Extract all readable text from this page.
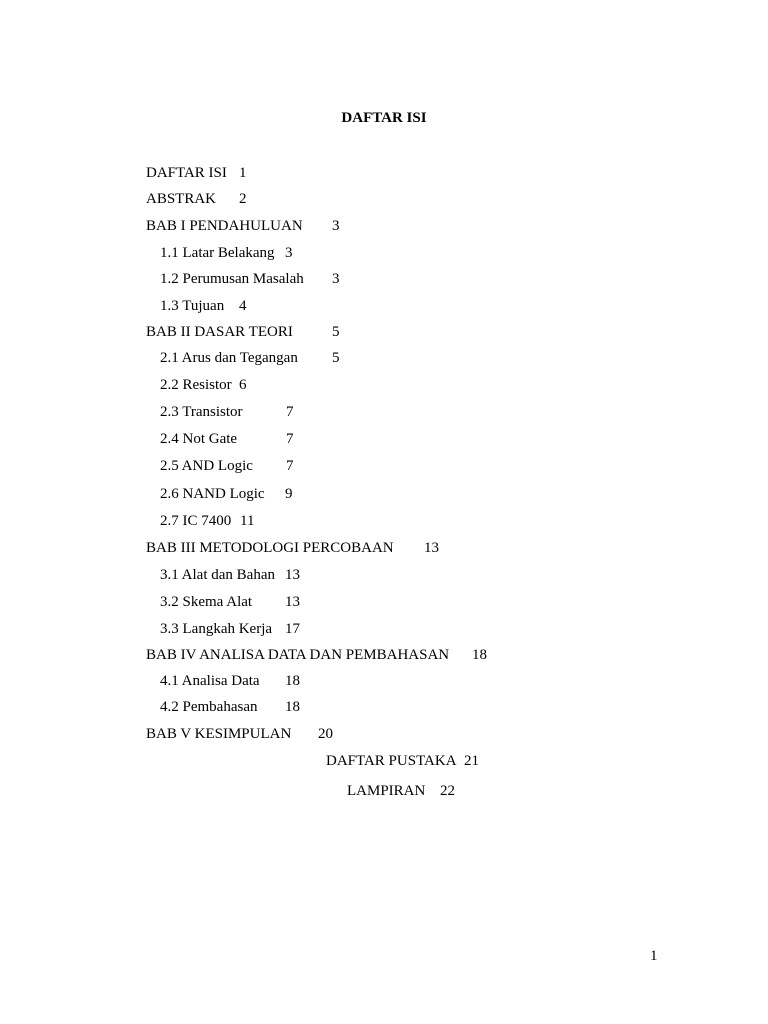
DAFTAR ISI
DAFTAR ISI 1
ABSTRAK 2
BAB I PENDAHULUAN 3
1.1 Latar Belakang 3
1.2 Perumusan Masalah 3
1.3 Tujuan 4
BAB II DASAR TEORI	5
2.1 Arus dan Tegangan 5
2.2 Resistor 6
2.3 Transistor	7
2.4 Not Gate	7
2.5 AND Logic 7
2.6 NAND Logic 9
2.7 IC 7400 11
BAB III METODOLOGI PERCOBAAN 13
3.1 Alat dan Bahan 13
3.2 Skema Alat 13
3.3 Langkah Kerja 17
BAB IV ANALISA DATA DAN PEMBAHASAN 18
4.1 Analisa Data 18
4.2 Pembahasan 18
BAB V KESIMPULAN 20
DAFTAR PUSTAKA 21
LAMPIRAN 22
1
